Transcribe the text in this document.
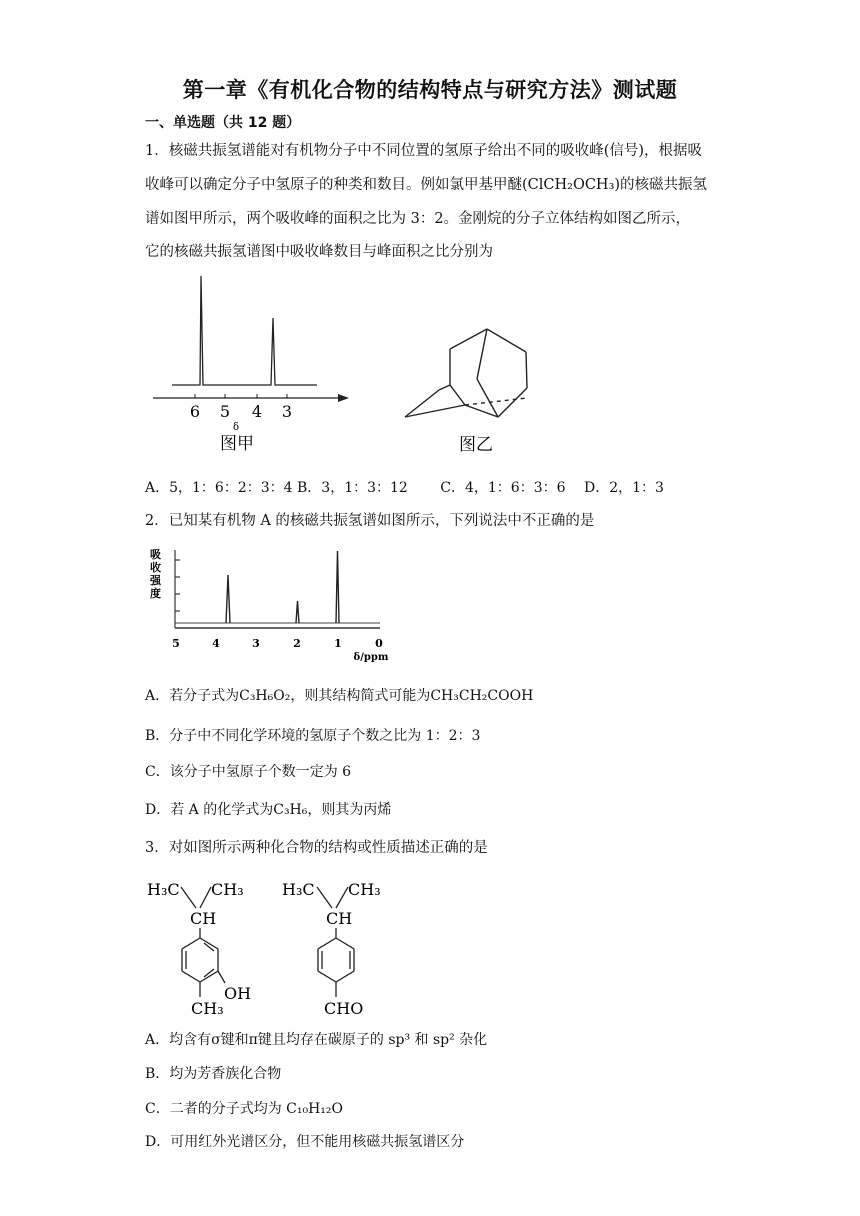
第一章《有机化合物的结构特点与研究方法》测试题
一、单选题（共 12 题）
1．核磁共振氢谱能对有机物分子中不同位置的氢原子给出不同的吸收峰(信号)，根据吸
收峰可以确定分子中氢原子的种类和数目。例如氯甲基甲醚(ClCH₂OCH₃)的核磁共振氢
谱如图甲所示，两个吸收峰的面积之比为 3：2。金刚烷的分子立体结构如图乙所示，
它的核磁共振氢谱图中吸收峰数目与峰面积之比分别为
6 5 4 3
δ
图甲	图乙
A．5，1：6：2：3：4 B．3，1：3：12　　 C．4，1：6：3：6　 D．2，1：3
2．已知某有机物 A 的核磁共振氢谱如图所示，下列说法中不正确的是
吸
收
强
度
5	4	3	2	1	0
δ/ppm
A．若分子式为C₃H₆O₂，则其结构简式可能为CH₃CH₂COOH
B．分子中不同化学环境的氢原子个数之比为 1：2：3
C．该分子中氢原子个数一定为 6
D．若 A 的化学式为C₃H₆，则其为丙烯
3．对如图所示两种化合物的结构或性质描述正确的是
H₃C CH₃
CH
OH
CH₃
H₃C CH₃
CH
CHO
A．均含有σ键和π键且均存在碳原子的 sp³ 和 sp² 杂化
B．均为芳香族化合物
C．二者的分子式均为 C₁₀H₁₂O
D．可用红外光谱区分，但不能用核磁共振氢谱区分
